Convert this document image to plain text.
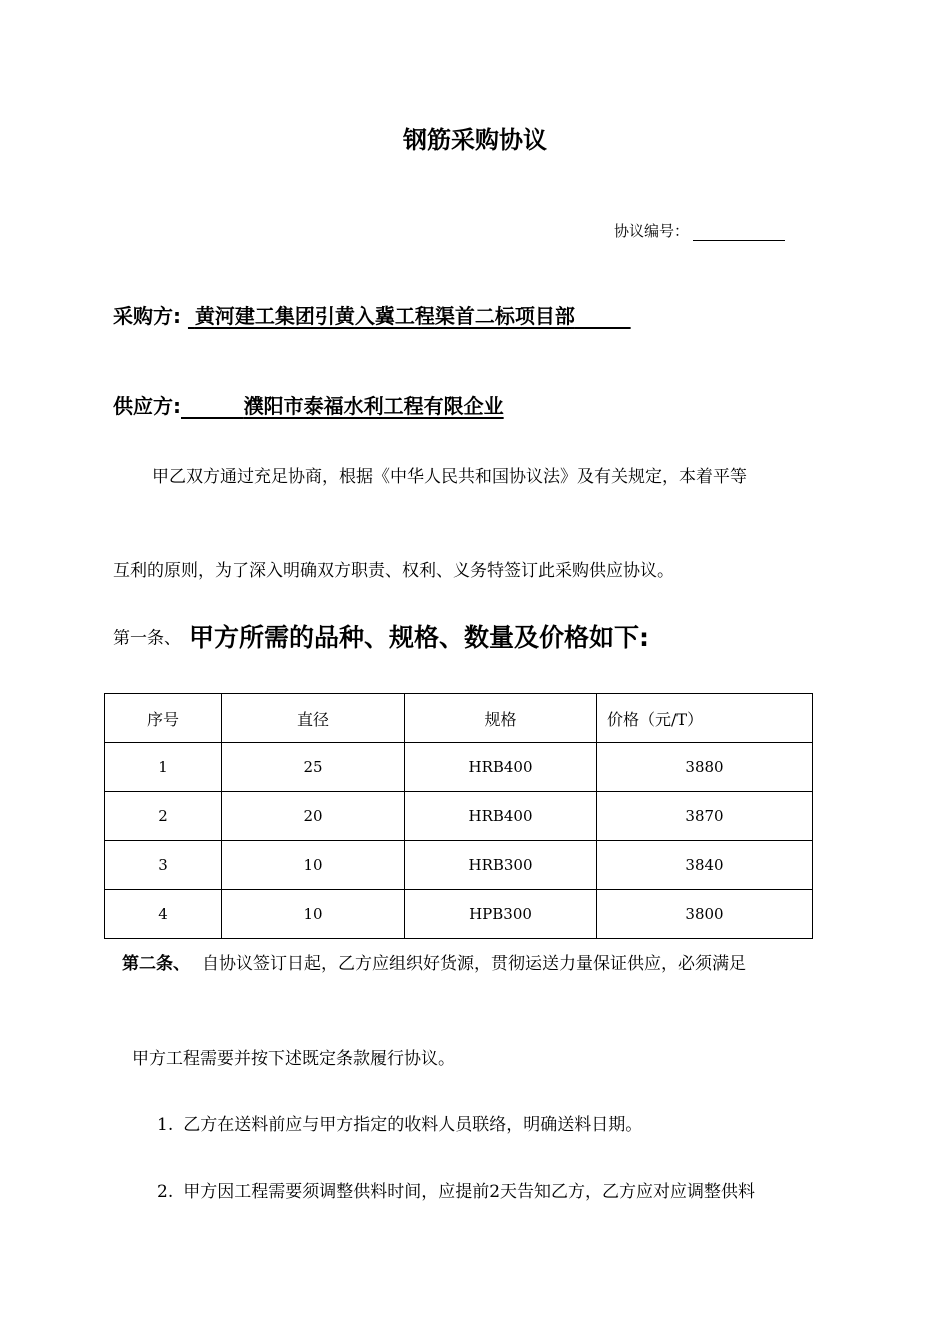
钢筋采购协议
协议编号：
采购方: 黄河建工集团引黄入冀工程渠首二标项目部
供应方:	濮阳市泰福水利工程有限企业
甲乙双方通过充足协商，根据《中华人民共和国协议法》及有关规定，本着平等
互利的原则，为了深入明确双方职责、权利、义务特签订此采购供应协议。
第一条、 甲方所需的品种、规格、数量及价格如下:
序号	直径	规格	价格（元/T）
1	25	HRB400	3880
2	20	HRB400	3870
3	10	HRB300	3840
4	10	HPB300	3800
第二条、 自协议签订日起，乙方应组织好货源，贯彻运送力量保证供应，必须满足
甲方工程需要并按下述既定条款履行协议。
1. 乙方在送料前应与甲方指定的收料人员联络，明确送料日期。
2. 甲方因工程需要须调整供料时间，应提前2天告知乙方，乙方应对应调整供料
